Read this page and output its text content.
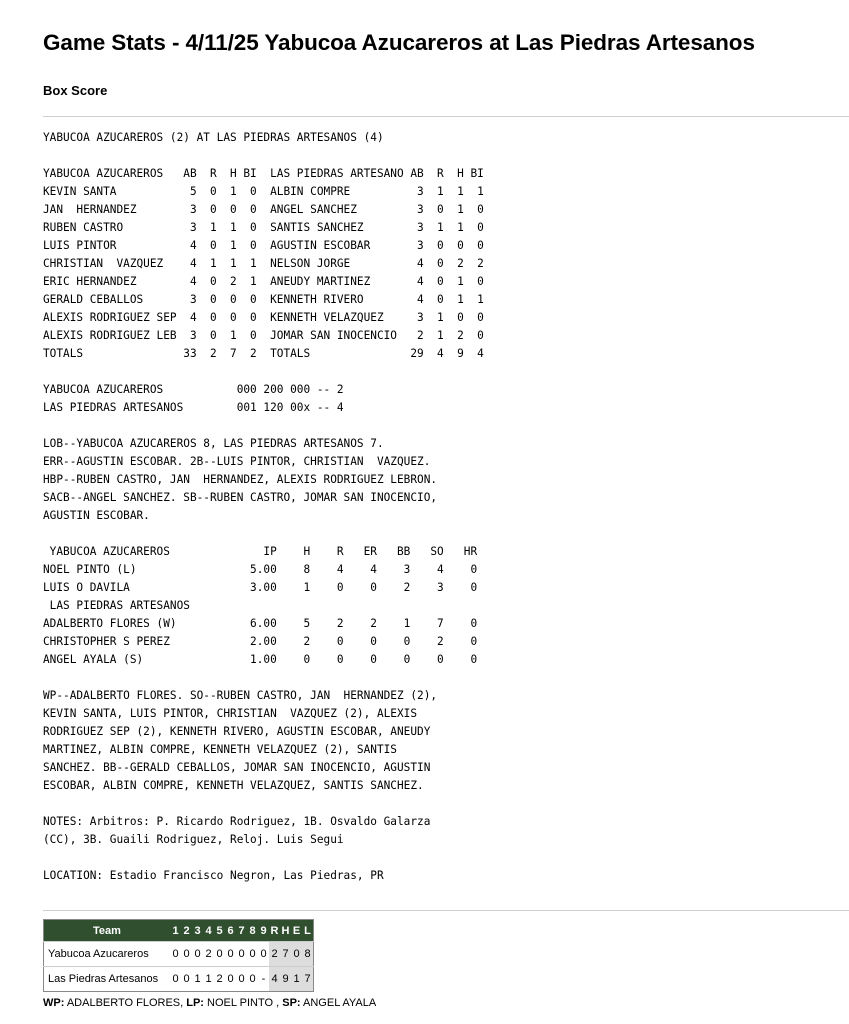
Game Stats - 4/11/25 Yabucoa Azucareros at Las Piedras Artesanos
Box Score
YABUCOA AZUCAREROS (2) AT LAS PIEDRAS ARTESANOS (4)

YABUCOA AZUCAREROS   AB  R  H BI  LAS PIEDRAS ARTESANO AB  R  H BI
KEVIN SANTA           5  0  1  0  ALBIN COMPRE          3  1  1  1
JAN  HERNANDEZ        3  0  0  0  ANGEL SANCHEZ         3  0  1  0
RUBEN CASTRO          3  1  1  0  SANTIS SANCHEZ        3  1  1  0
LUIS PINTOR           4  0  1  0  AGUSTIN ESCOBAR       3  0  0  0
CHRISTIAN  VAZQUEZ    4  1  1  1  NELSON JORGE          4  0  2  2
ERIC HERNANDEZ        4  0  2  1  ANEUDY MARTINEZ       4  0  1  0
GERALD CEBALLOS       3  0  0  0  KENNETH RIVERO        4  0  1  1
ALEXIS RODRIGUEZ SEP  4  0  0  0  KENNETH VELAZQUEZ     3  1  0  0
ALEXIS RODRIGUEZ LEB  3  0  1  0  JOMAR SAN INOCENCIO   2  1  2  0
TOTALS               33  2  7  2  TOTALS               29  4  9  4

YABUCOA AZUCAREROS           000 200 000 -- 2
LAS PIEDRAS ARTESANOS        001 120 00x -- 4

LOB--YABUCOA AZUCAREROS 8, LAS PIEDRAS ARTESANOS 7.
ERR--AGUSTIN ESCOBAR. 2B--LUIS PINTOR, CHRISTIAN  VAZQUEZ.
HBP--RUBEN CASTRO, JAN  HERNANDEZ, ALEXIS RODRIGUEZ LEBRON.
SACB--ANGEL SANCHEZ. SB--RUBEN CASTRO, JOMAR SAN INOCENCIO,
AGUSTIN ESCOBAR.

YABUCOA AZUCAREROS              IP    H    R   ER   BB   SO   HR
NOEL PINTO (L)                 5.00    8    4    4    3    4    0
LUIS O DAVILA                  3.00    1    0    0    2    3    0
LAS PIEDRAS ARTESANOS
ADALBERTO FLORES (W)           6.00    5    2    2    1    7    0
CHRISTOPHER S PEREZ            2.00    2    0    0    0    2    0
ANGEL AYALA (S)                1.00    0    0    0    0    0    0

WP--ADALBERTO FLORES. SO--RUBEN CASTRO, JAN  HERNANDEZ (2),
KEVIN SANTA, LUIS PINTOR, CHRISTIAN  VAZQUEZ (2), ALEXIS
RODRIGUEZ SEP (2), KENNETH RIVERO, AGUSTIN ESCOBAR, ANEUDY
MARTINEZ, ALBIN COMPRE, KENNETH VELAZQUEZ (2), SANTIS
SANCHEZ. BB--GERALD CEBALLOS, JOMAR SAN INOCENCIO, AGUSTIN
ESCOBAR, ALBIN COMPRE, KENNETH VELAZQUEZ, SANTIS SANCHEZ.

NOTES: Arbitros: P. Ricardo Rodriguez, 1B. Osvaldo Galarza
(CC), 3B. Guaili Rodriguez, Reloj. Luis Segui

LOCATION: Estadio Francisco Negron, Las Piedras, PR

Team	1	2	3	4	5	6	7	8	9	R	H	E	L
Yabucoa Azucareros	0	0	0	2	0	0	0	0	0	2	7	0	8
Las Piedras Artesanos	0	0	1	1	2	0	0	0	-	4	9	1	7
WP: ADALBERTO FLORES, LP: NOEL PINTO , SP: ANGEL AYALA
